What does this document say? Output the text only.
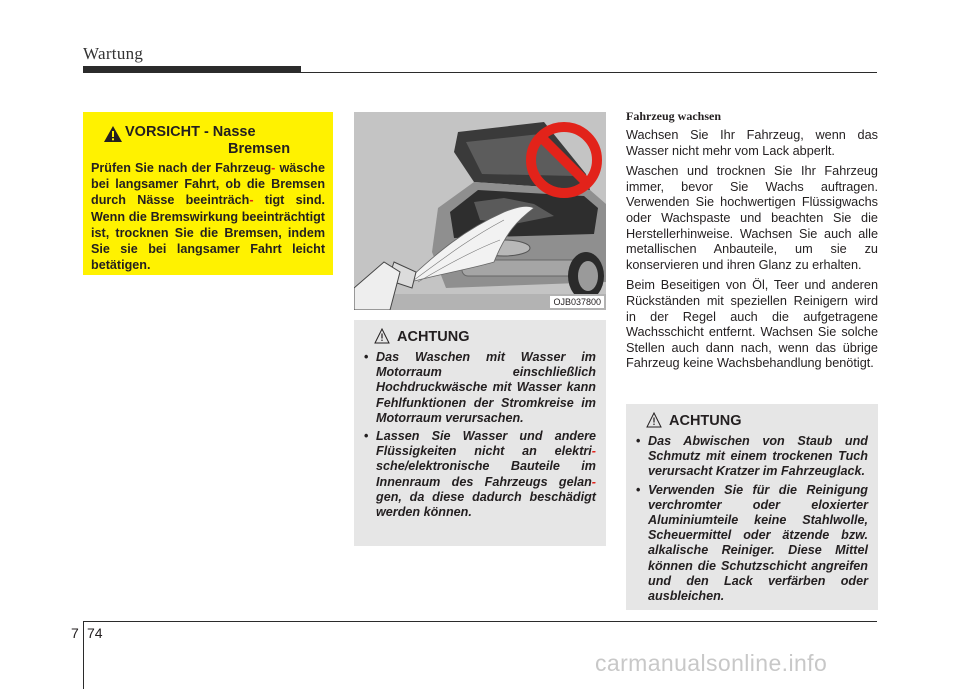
Wartung
VORSICHT - Nasse
Bremsen
Prüfen Sie nach der Fahrzeug- wäsche bei langsamer Fahrt, ob die Bremsen durch Nässe beeinträch- tigt sind. Wenn die Bremswirkung beeinträchtigt ist, trocknen Sie die Bremsen, indem Sie sie bei langsamer Fahrt leicht betätigen.
OJB037800
ACHTUNG
• Das Waschen mit Wasser im Motorraum einschließlich Hochdruckwäsche mit Wasser kann Fehlfunktionen der Stromkreise im Motorraum verursachen.
• Lassen Sie Wasser und andere Flüssigkeiten nicht an elektri- sche/elektronische Bauteile im Innenraum des Fahrzeugs gelan- gen, da diese dadurch beschädigt werden können.
Fahrzeug wachsen

Wachsen Sie Ihr Fahrzeug, wenn das Wasser nicht mehr vom Lack abperlt.

Waschen und trocknen Sie Ihr Fahrzeug immer, bevor Sie Wachs auftragen. Verwenden Sie hochwertigen Flüssigwachs oder Wachspaste und beachten Sie die Herstellerhinweise. Wachsen Sie auch alle metallischen Anbauteile, um sie zu konservieren und ihren Glanz zu erhalten.

Beim Beseitigen von Öl, Teer und anderen Rückständen mit speziellen Reinigern wird in der Regel auch die aufgetragene Wachsschicht entfernt. Wachsen Sie solche Stellen auch dann nach, wenn das übrige Fahrzeug keine Wachsbehandlung benötigt.

ACHTUNG
• Das Abwischen von Staub und Schmutz mit einem trockenen Tuch verursacht Kratzer im Fahrzeuglack.
• Verwenden Sie für die Reinigung verchromter oder eloxierter Aluminiumteile keine Stahlwolle, Scheuermittel oder ätzende bzw. alkalische Reiniger. Diese Mittel können die Schutzschicht angreifen und den Lack verfärben oder ausbleichen.
7 74
carmanualsonline.info
